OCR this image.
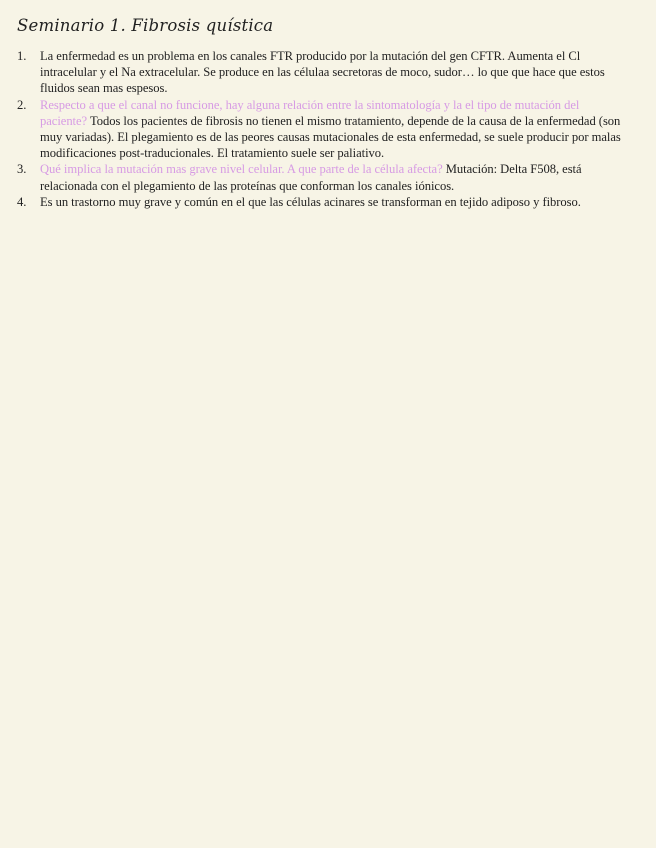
Seminario 1. Fibrosis quística
1. La enfermedad es un problema en los canales FTR producido por la mutación del gen CFTR. Aumenta el Cl intracelular y el Na extracelular. Se produce en las célulaa secretoras de moco, sudor… lo que que hace que estos fluidos sean mas espesos.
2. Respecto a que el canal no funcione, hay alguna relación entre la sintomatología y la el tipo de mutación del paciente? Todos los pacientes de fibrosis no tienen el mismo tratamiento, depende de la causa de la enfermedad (son muy variadas). El plegamiento es de las peores causas mutacionales de esta enfermedad, se suele producir por malas modificaciones post-traducionales. El tratamiento suele ser paliativo.
3. Qué implica la mutación mas grave nivel celular. A que parte de la célula afecta? Mutación: Delta F508, está relacionada con el plegamiento de las proteínas que conforman los canales iónicos.
4. Es un trastorno muy grave y común en el que las células acinares se transforman en tejido adiposo y fibroso.
